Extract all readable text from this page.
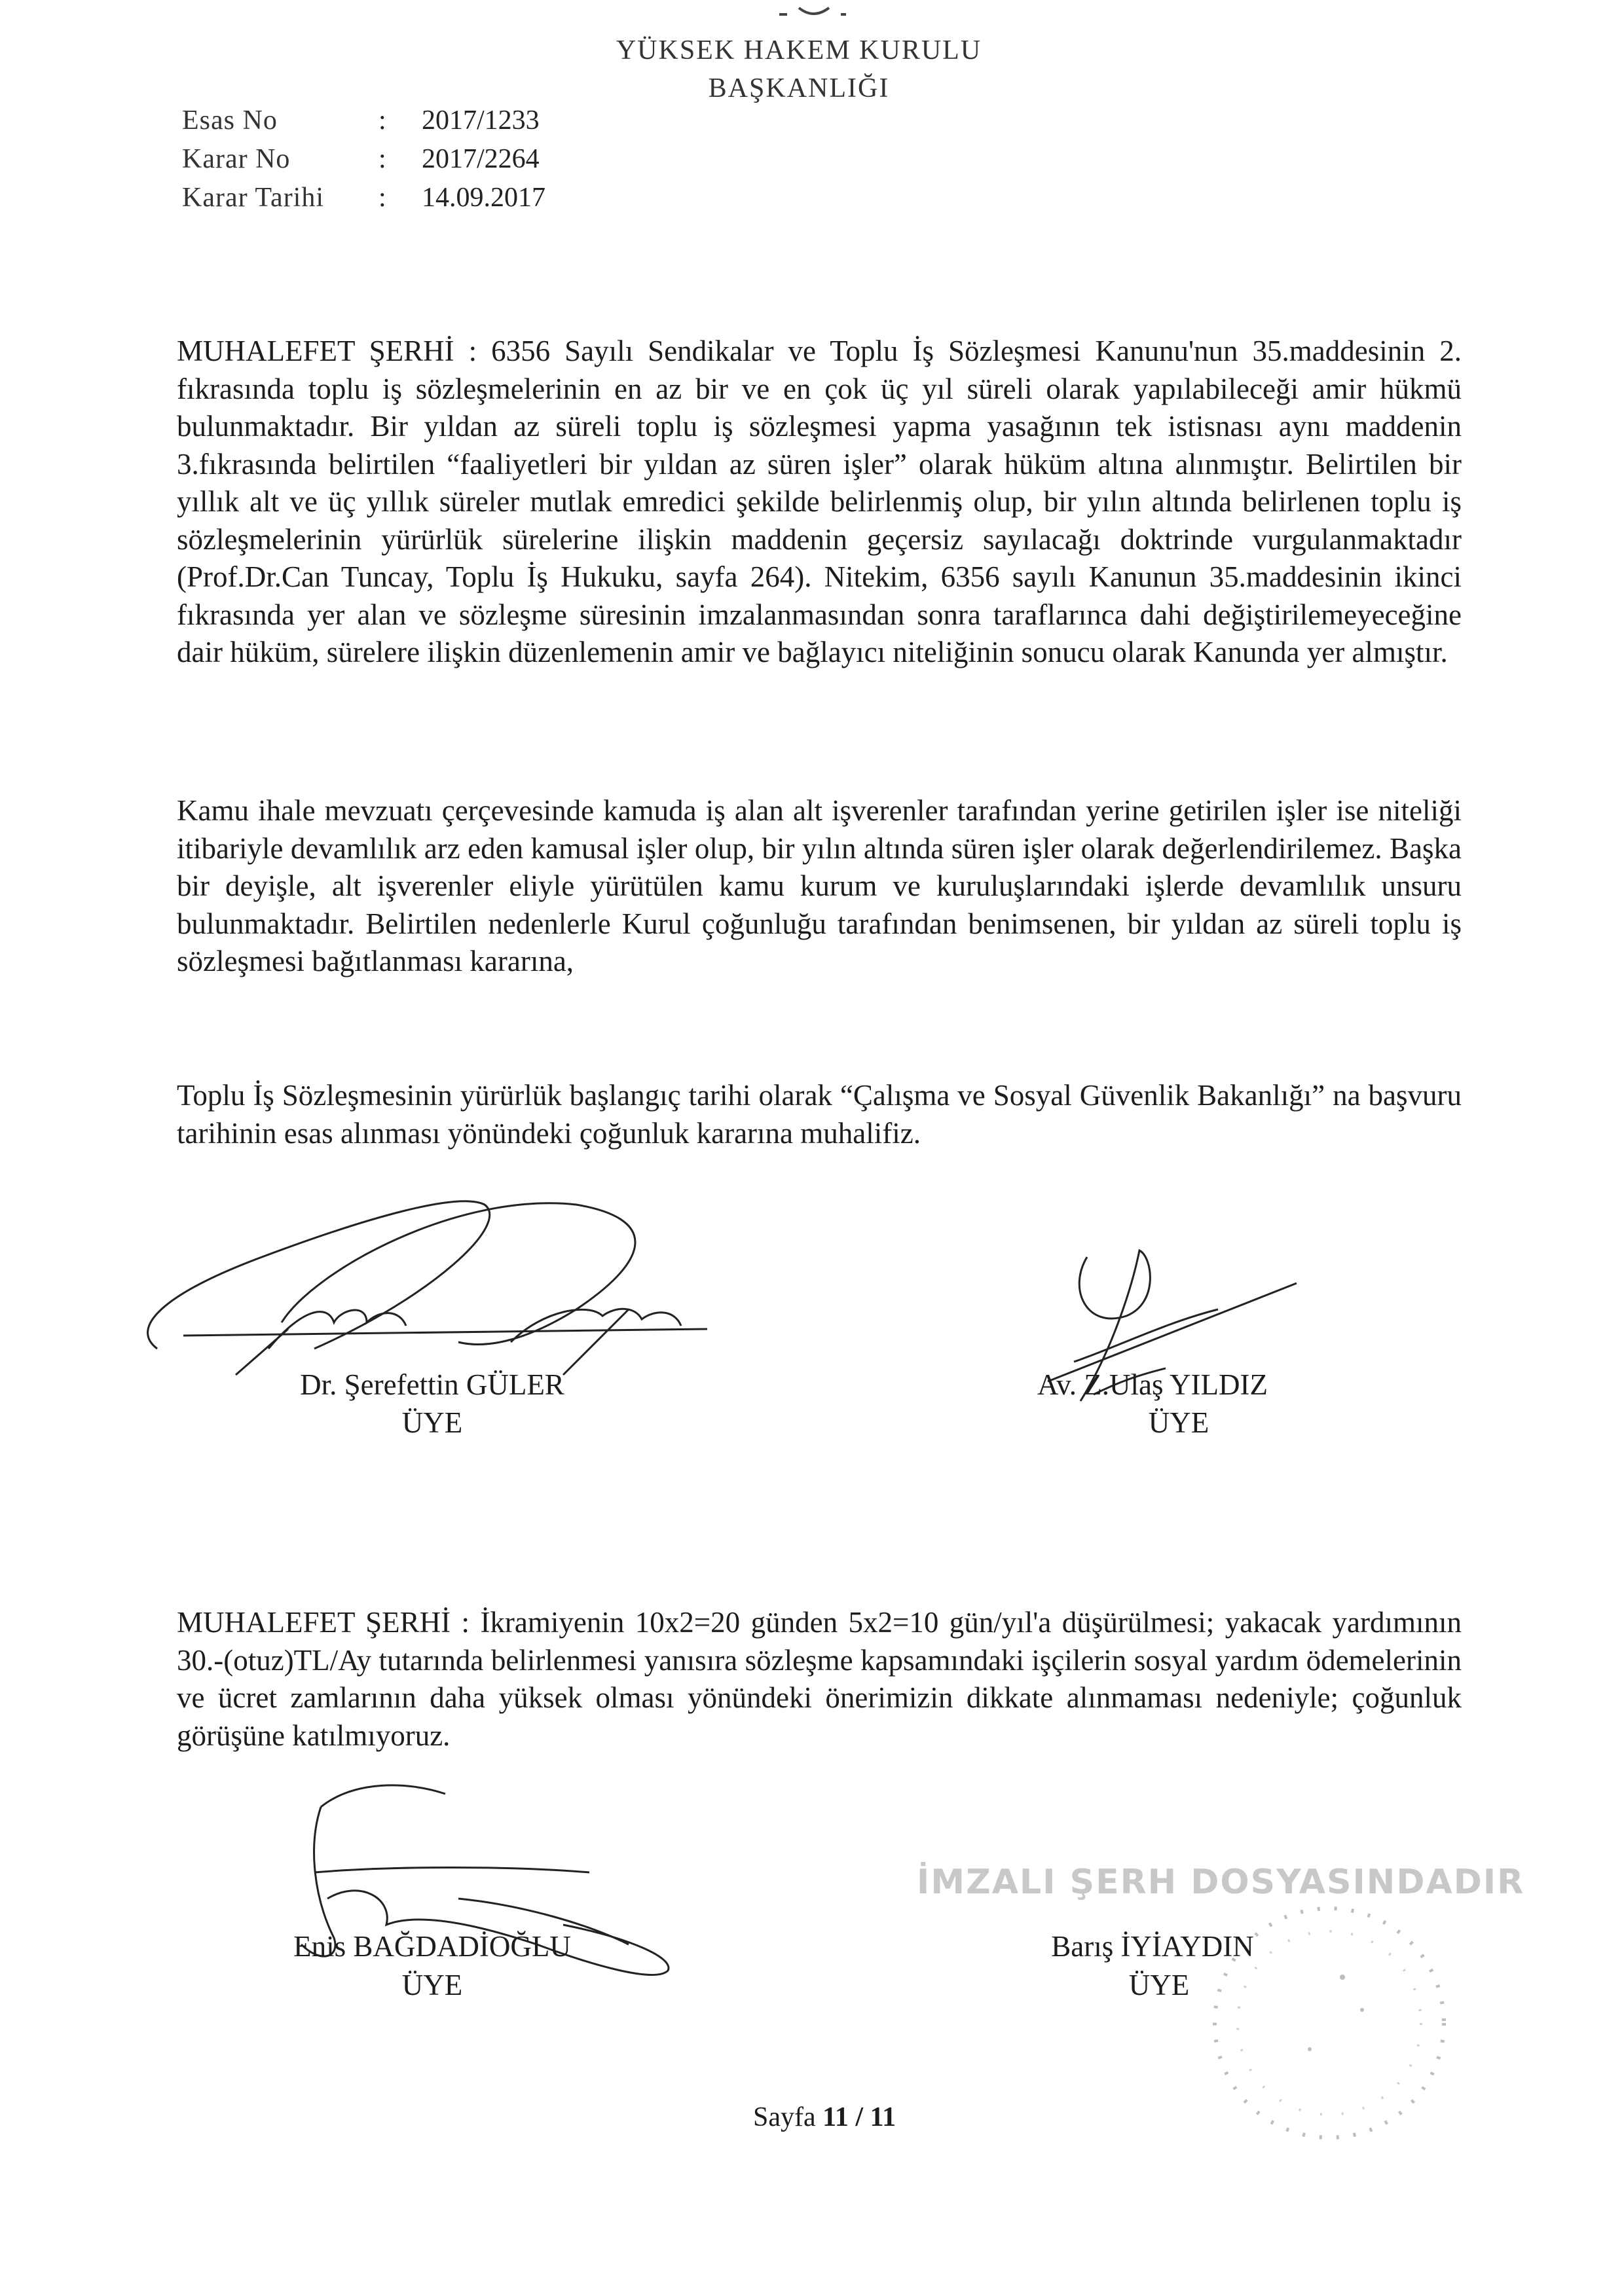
YÜKSEK HAKEM KURULU
BAŞKANLIĞI
Esas No	:	2017/1233
Karar No	:	2017/2264
Karar Tarihi	:	14.09.2017

MUHALEFET ŞERHİ : 6356 Sayılı Sendikalar ve Toplu İş Sözleşmesi Kanunu'nun 35.maddesinin 2. fıkrasında toplu iş sözleşmelerinin en az bir ve en çok üç yıl süreli olarak yapılabileceği amir hükmü bulunmaktadır. Bir yıldan az süreli toplu iş sözleşmesi yapma yasağının tek istisnası aynı maddenin 3.fıkrasında belirtilen “faaliyetleri bir yıldan az süren işler” olarak hüküm altına alınmıştır. Belirtilen bir yıllık alt ve üç yıllık süreler mutlak emredici şekilde belirlenmiş olup, bir yılın altında belirlenen toplu iş sözleşmelerinin yürürlük sürelerine ilişkin maddenin geçersiz sayılacağı doktrinde vurgulanmaktadır (Prof.Dr.Can Tuncay, Toplu İş Hukuku, sayfa 264). Nitekim, 6356 sayılı Kanunun 35.maddesinin ikinci fıkrasında yer alan ve sözleşme süresinin imzalanmasından sonra taraflarınca dahi değiştirilemeyeceğine dair hüküm, sürelere ilişkin düzenlemenin amir ve bağlayıcı niteliğinin sonucu olarak Kanunda yer almıştır.

Kamu ihale mevzuatı çerçevesinde kamuda iş alan alt işverenler tarafından yerine getirilen işler ise niteliği itibariyle devamlılık arz eden kamusal işler olup, bir yılın altında süren işler olarak değerlendirilemez. Başka bir deyişle, alt işverenler eliyle yürütülen kamu kurum ve kuruluşlarındaki işlerde devamlılık unsuru bulunmaktadır. Belirtilen nedenlerle Kurul çoğunluğu tarafından benimsenen, bir yıldan az süreli toplu iş sözleşmesi bağıtlanması kararına,

Toplu İş Sözleşmesinin yürürlük başlangıç tarihi olarak “Çalışma ve Sosyal Güvenlik Bakanlığı” na başvuru tarihinin esas alınması yönündeki çoğunluk kararına muhalifiz.

Dr. Şerefettin GÜLER
ÜYE
Av. Z.Ulaş YILDIZ
ÜYE

MUHALEFET ŞERHİ : İkramiyenin 10x2=20 günden 5x2=10 gün/yıl'a düşürülmesi; yakacak yardımının 30.-(otuz)TL/Ay tutarında belirlenmesi yanısıra sözleşme kapsamındaki işçilerin sosyal yardım ödemelerinin ve ücret zamlarının daha yüksek olması yönündeki önerimizin dikkate alınmaması nedeniyle; çoğunluk görüşüne katılmıyoruz.

Enis BAĞDADİOĞLU
ÜYE
İMZALI ŞERH DOSYASINDADIR
Barış İYİAYDIN
ÜYE
Sayfa 11 / 11
